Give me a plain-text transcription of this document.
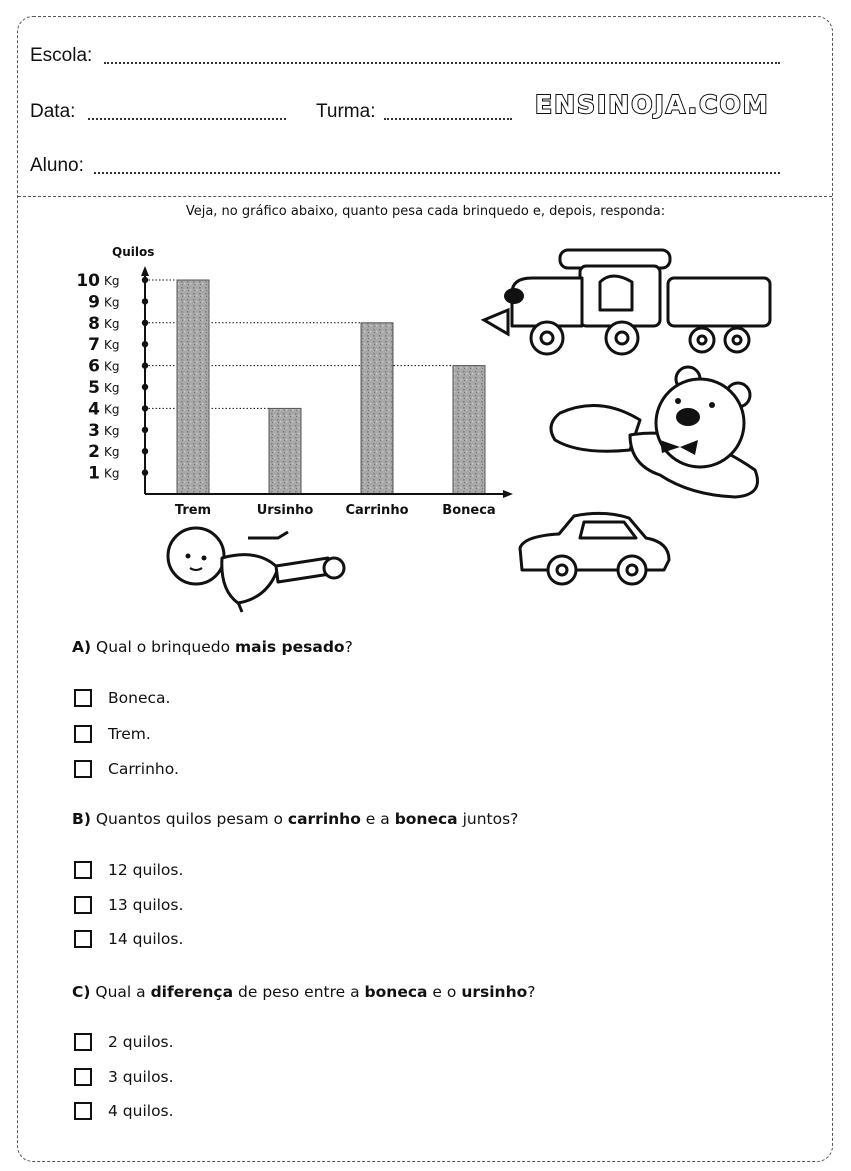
Escola:
Data:	Turma:	ENSINOJA.COM
Aluno:
Veja, no gráfico abaixo, quanto pesa cada brinquedo e, depois, responda:
1 Kg
2 Kg
3 Kg
4 Kg
5 Kg
6 Kg
7 Kg
8 Kg
9 Kg
10 Kg
Trem	Ursinho Carrinho	Boneca
Quilos
A) Qual o brinquedo mais pesado?
Boneca.
Trem.
Carrinho.
B) Quantos quilos pesam o carrinho e a boneca juntos?
12 quilos.
13 quilos.
14 quilos.
C) Qual a diferença de peso entre a boneca e o ursinho?
2 quilos.
3 quilos.
4 quilos.
